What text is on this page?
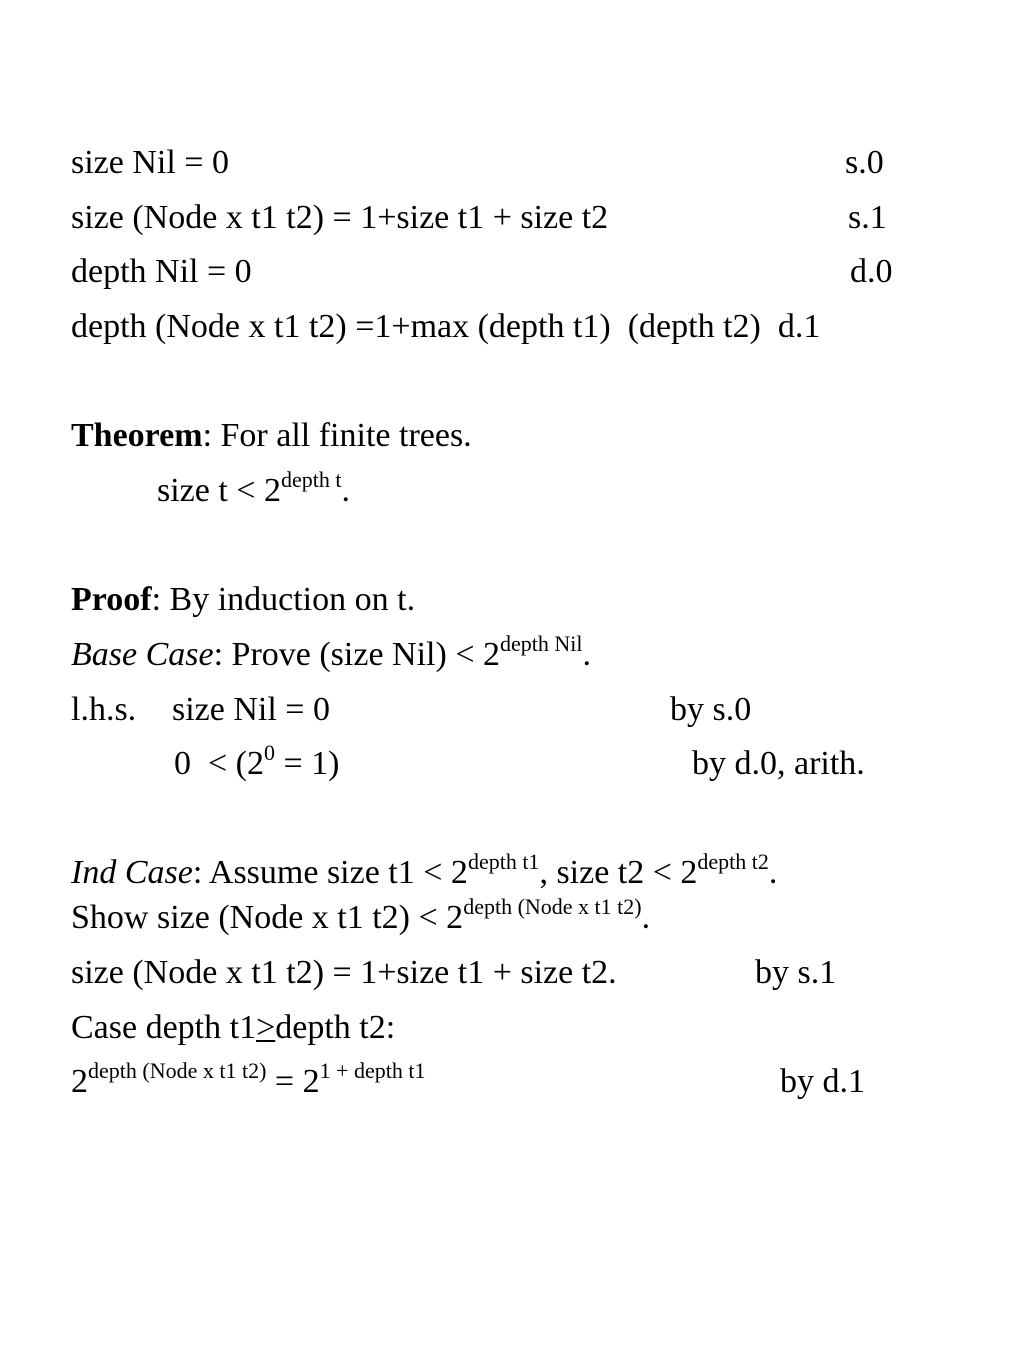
size Nil = 0	s.0
size (Node x t1 t2) = 1+size t1 + size t2	s.1
depth Nil = 0	d.0
depth (Node x t1 t2) =1+max (depth t1)  (depth t2) d.1
Theorem: For all finite trees.
size $t < 2^{depth t}$.
Proof: By induction on t.
Base Case: Prove (size $Nil) < 2^{depth Nil}$.
l.h.s. size Nil = 0	by s.0
$0 < (2^0 = 1)$	by d.0, arith.
Ind Case: Assume size $t1 < 2^{depth t1}$, size $t2 < 2^{depth t2}$.
Show size (Node x t1 $t2) < 2^{depth (Node x t1 t2)}$.
size (Node x t1 t2) = 1+size t1 + size t2.	by s.1
Case depth t1>depth t2:
$2^{depth (Node x t1 t2)} = 2^{1 + depth t1}$	by d.1
